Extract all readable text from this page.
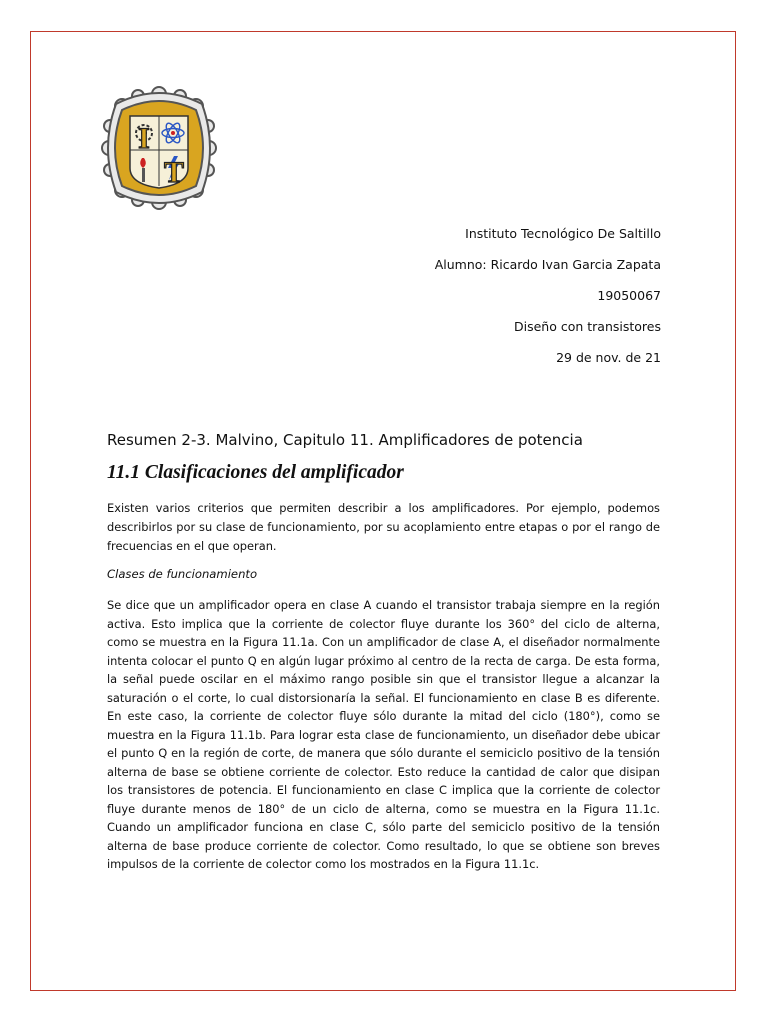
I
T
Instituto Tecnológico De Saltillo
Alumno: Ricardo Ivan Garcia Zapata
19050067
Diseño con transistores
29 de nov. de 21
Resumen 2-3. Malvino, Capitulo 11. Amplificadores de potencia
11.1 Clasificaciones del amplificador

Existen varios criterios que permiten describir a los amplificadores. Por ejemplo, podemos describirlos por su clase de funcionamiento, por su acoplamiento entre etapas o por el rango de frecuencias en el que operan.

Clases de funcionamiento

Se dice que un amplificador opera en clase A cuando el transistor trabaja siempre en la región activa. Esto implica que la corriente de colector fluye durante los 360° del ciclo de alterna, como se muestra en la Figura 11.1a. Con un amplificador de clase A, el diseñador normalmente intenta colocar el punto Q en algún lugar próximo al centro de la recta de carga. De esta forma, la señal puede oscilar en el máximo rango posible sin que el transistor llegue a alcanzar la saturación o el corte, lo cual distorsionaría la señal. El funcionamiento en clase B es diferente. En este caso, la corriente de colector fluye sólo durante la mitad del ciclo (180°), como se muestra en la Figura 11.1b. Para lograr esta clase de funcionamiento, un diseñador debe ubicar el punto Q en la región de corte, de manera que sólo durante el semiciclo positivo de la tensión alterna de base se obtiene corriente de colector. Esto reduce la cantidad de calor que disipan los transistores de potencia. El funcionamiento en clase C implica que la corriente de colector fluye durante menos de 180° de un ciclo de alterna, como se muestra en la Figura 11.1c. Cuando un amplificador funciona en clase C, sólo parte del semiciclo positivo de la tensión alterna de base produce corriente de colector. Como resultado, lo que se obtiene son breves impulsos de la corriente de colector como los mostrados en la Figura 11.1c.
